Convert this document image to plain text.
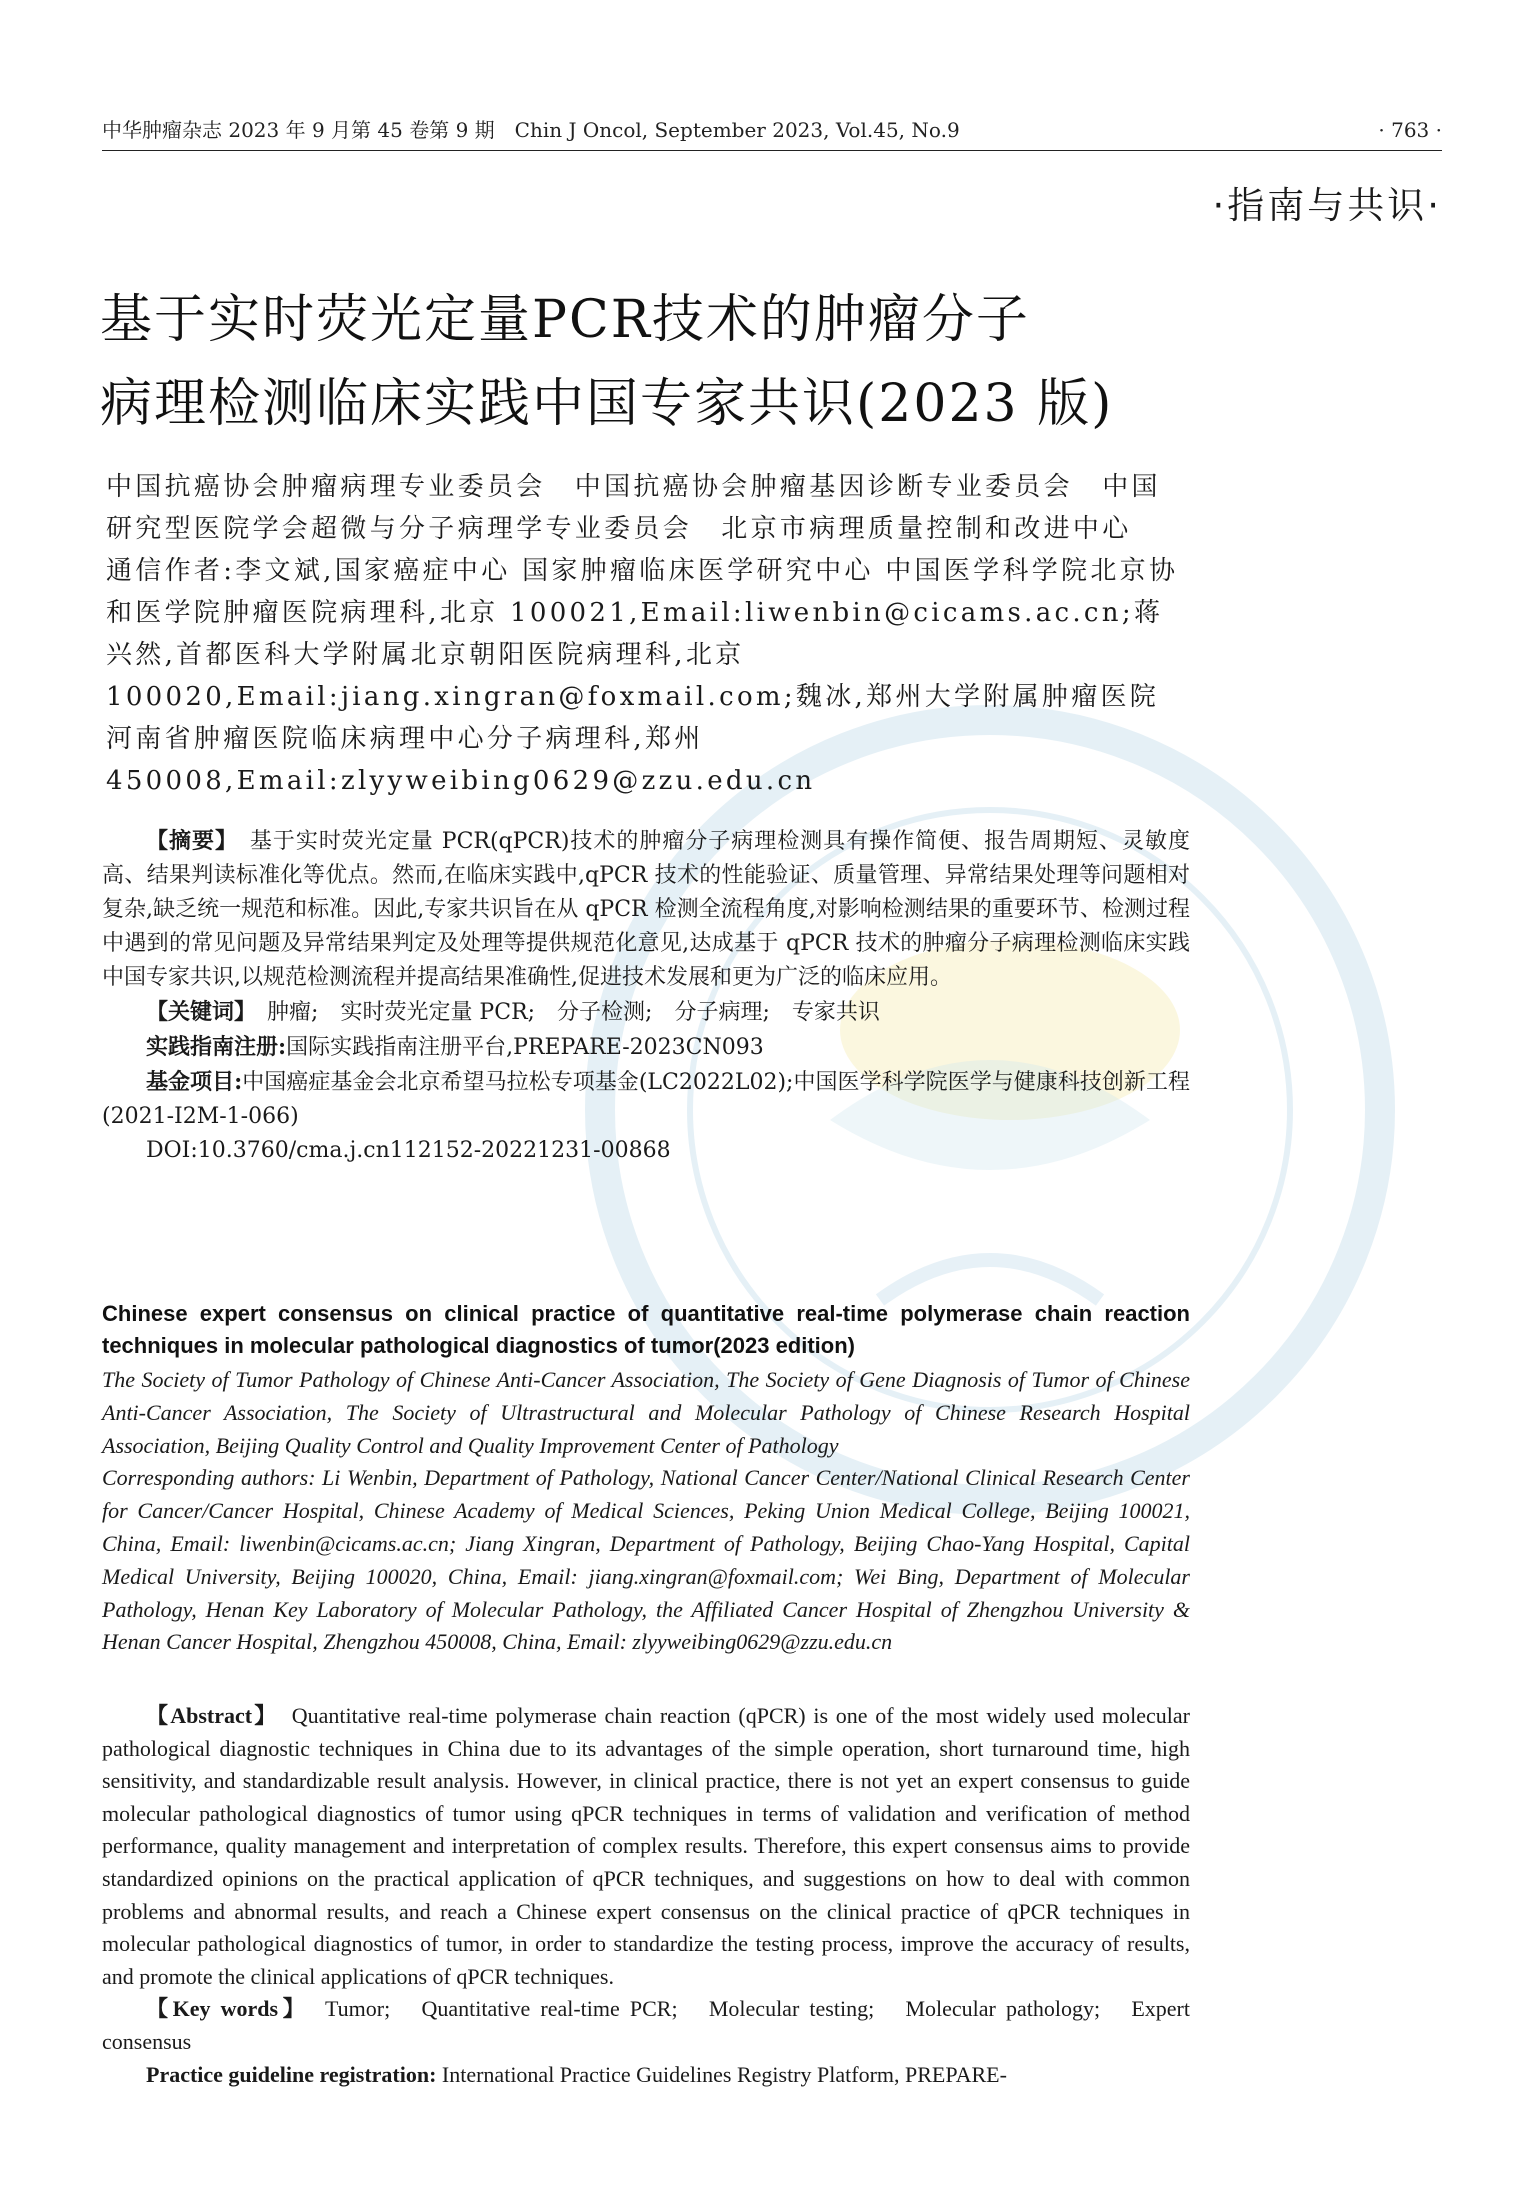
中华肿瘤杂志 2023 年 9 月第 45 卷第 9 期　Chin J Oncol, September 2023, Vol.45, No.9	· 763 ·
·指南与共识·
基于实时荧光定量PCR技术的肿瘤分子
病理检测临床实践中国专家共识(2023 版)
中国抗癌协会肿瘤病理专业委员会　中国抗癌协会肿瘤基因诊断专业委员会　中国研究型医院学会超微与分子病理学专业委员会　北京市病理质量控制和改进中心
通信作者:李文斌,国家癌症中心 国家肿瘤临床医学研究中心 中国医学科学院北京协和医学院肿瘤医院病理科,北京 100021,Email:liwenbin@cicams.ac.cn;蒋兴然,首都医科大学附属北京朝阳医院病理科,北京 100020,Email:jiang.xingran@foxmail.com;魏冰,郑州大学附属肿瘤医院 河南省肿瘤医院临床病理中心分子病理科,郑州 450008,Email:zlyyweibing0629@zzu.edu.cn

【摘要】　 基于实时荧光定量 PCR(qPCR)技术的肿瘤分子病理检测具有操作简便、报告周期短、灵敏度高、结果判读标准化等优点。然而,在临床实践中,qPCR 技术的性能验证、质量管理、异常结果处理等问题相对复杂,缺乏统一规范和标准。因此,专家共识旨在从 qPCR 检测全流程角度,对影响检测结果的重要环节、检测过程中遇到的常见问题及异常结果判定及处理等提供规范化意见,达成基于 qPCR 技术的肿瘤分子病理检测临床实践中国专家共识,以规范检测流程并提高结果准确性,促进技术发展和更为广泛的临床应用。

【关键词】　 肿瘤;　实时荧光定量 PCR;　分子检测;　分子病理;　专家共识

实践指南注册:国际实践指南注册平台,PREPARE-2023CN093

基金项目:中国癌症基金会北京希望马拉松专项基金(LC2022L02);中国医学科学院医学与健康科技创新工程(2021-I2M-1-066)

DOI:10.3760/cma.j.cn112152-20221231-00868

Chinese expert consensus on clinical practice of quantitative real-time polymerase chain reaction techniques in molecular pathological diagnostics of tumor(2023 edition)
The Society of Tumor Pathology of Chinese Anti-Cancer Association, The Society of Gene Diagnosis of Tumor of Chinese Anti-Cancer Association, The Society of Ultrastructural and Molecular Pathology of Chinese Research Hospital Association, Beijing Quality Control and Quality Improvement Center of Pathology
Corresponding authors: Li Wenbin, Department of Pathology, National Cancer Center/National Clinical Research Center for Cancer/Cancer Hospital, Chinese Academy of Medical Sciences, Peking Union Medical College, Beijing 100021, China, Email: liwenbin@cicams.ac.cn; Jiang Xingran, Department of Pathology, Beijing Chao-Yang Hospital, Capital Medical University, Beijing 100020, China, Email: jiang.xingran@foxmail.com; Wei Bing, Department of Molecular Pathology, Henan Key Laboratory of Molecular Pathology, the Affiliated Cancer Hospital of Zhengzhou University & Henan Cancer Hospital, Zhengzhou 450008, China, Email: zlyyweibing0629@zzu.edu.cn

【Abstract】　 Quantitative real-time polymerase chain reaction (qPCR) is one of the most widely used molecular pathological diagnostic techniques in China due to its advantages of the simple operation, short turnaround time, high sensitivity, and standardizable result analysis. However, in clinical practice, there is not yet an expert consensus to guide molecular pathological diagnostics of tumor using qPCR techniques in terms of validation and verification of method performance, quality management and interpretation of complex results. Therefore, this expert consensus aims to provide standardized opinions on the practical application of qPCR techniques, and suggestions on how to deal with common problems and abnormal results, and reach a Chinese expert consensus on the clinical practice of qPCR techniques in molecular pathological diagnostics of tumor, in order to standardize the testing process, improve the accuracy of results, and promote the clinical applications of qPCR techniques.

【Key words】　 Tumor;　Quantitative real-time PCR;　Molecular testing;　Molecular pathology;　Expert consensus

Practice guideline registration: International Practice Guidelines Registry Platform, PREPARE-
